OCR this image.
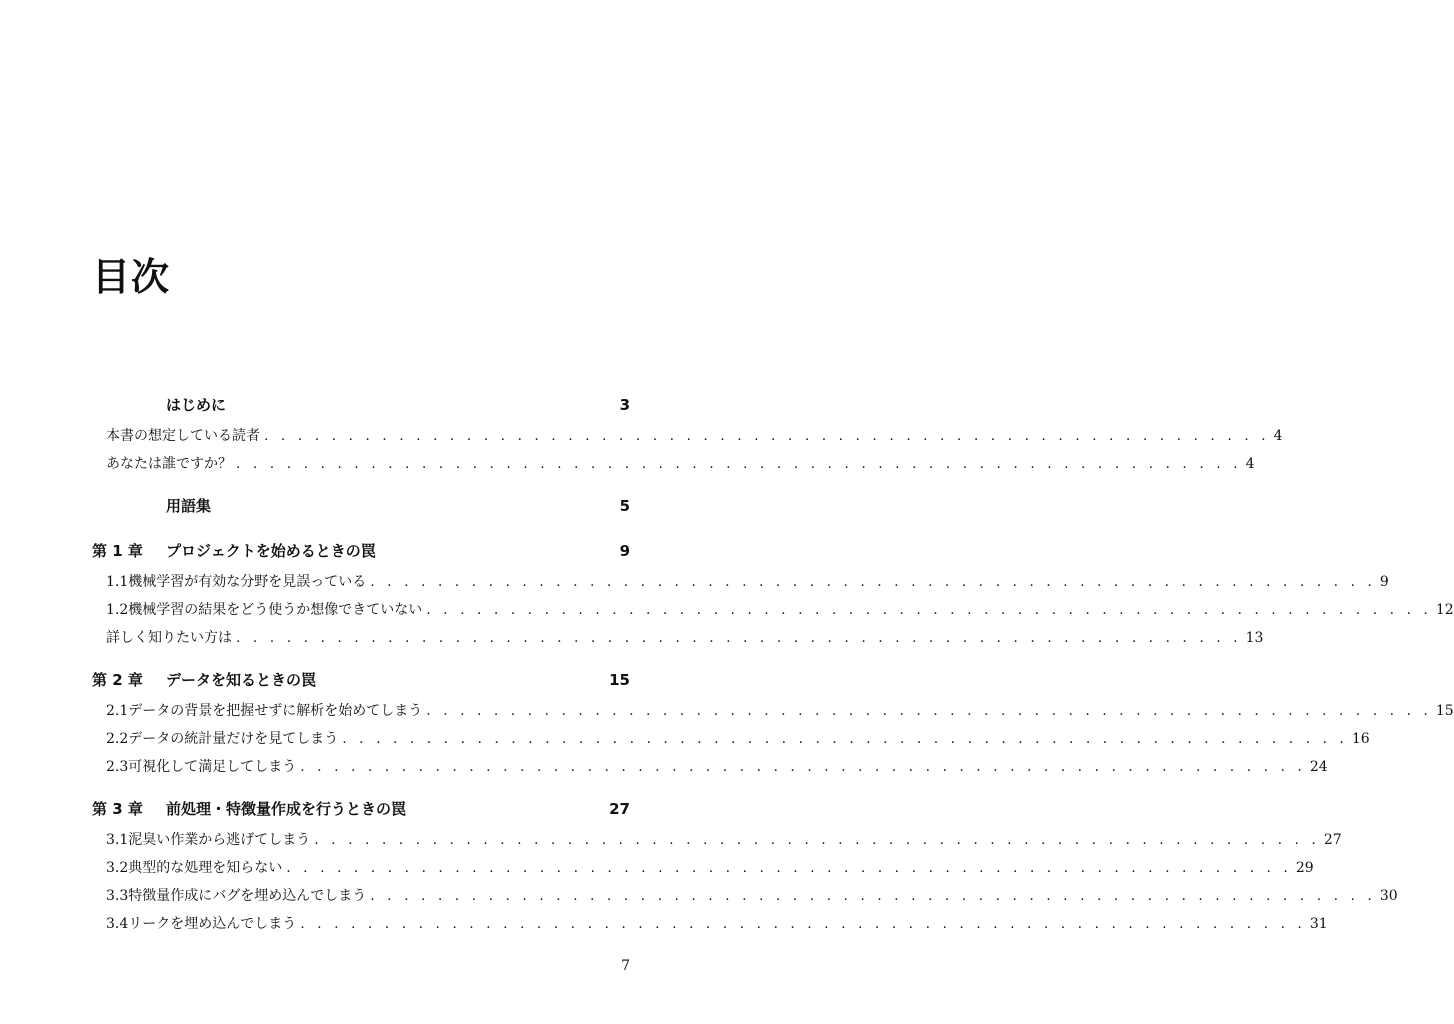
目次
はじめに	3
本書の想定している読者 . . . . . . . . . . . . . . . . . . . . . . . . . . . . . . . . . . . . . . . . . . . . . . . . . . . . . . . . . . . . 4
あなたは誰ですか？ . . . . . . . . . . . . . . . . . . . . . . . . . . . . . . . . . . . . . . . . . . . . . . . . . . . . . . . . . . . . 4
用語集	5
第 1 章	プロジェクトを始めるときの罠	9
1.1 機械学習が有効な分野を見誤っている . . . . . . . . . . . . . . . . . . . . . . . . . . . . . . . . . . . . . . . . . . . . . . . . . . . . . . . . . . . . 9
1.2 機械学習の結果をどう使うか想像できていない . . . . . . . . . . . . . . . . . . . . . . . . . . . . . . . . . . . . . . . . . . . . . . . . . . . . . . . . . . . . 12
詳しく知りたい方は . . . . . . . . . . . . . . . . . . . . . . . . . . . . . . . . . . . . . . . . . . . . . . . . . . . . . . . . . . . . 13
第 2 章	データを知るときの罠	15
2.1 データの背景を把握せずに解析を始めてしまう . . . . . . . . . . . . . . . . . . . . . . . . . . . . . . . . . . . . . . . . . . . . . . . . . . . . . . . . . . . . 15
2.2 データの統計量だけを見てしまう . . . . . . . . . . . . . . . . . . . . . . . . . . . . . . . . . . . . . . . . . . . . . . . . . . . . . . . . . . . . 16
2.3 可視化して満足してしまう . . . . . . . . . . . . . . . . . . . . . . . . . . . . . . . . . . . . . . . . . . . . . . . . . . . . . . . . . . . . 24
第 3 章	前処理・特徴量作成を行うときの罠	27
3.1 泥臭い作業から逃げてしまう . . . . . . . . . . . . . . . . . . . . . . . . . . . . . . . . . . . . . . . . . . . . . . . . . . . . . . . . . . . . 27
3.2 典型的な処理を知らない . . . . . . . . . . . . . . . . . . . . . . . . . . . . . . . . . . . . . . . . . . . . . . . . . . . . . . . . . . . . 29
3.3 特徴量作成にバグを埋め込んでしまう . . . . . . . . . . . . . . . . . . . . . . . . . . . . . . . . . . . . . . . . . . . . . . . . . . . . . . . . . . . . 30
3.4 リークを埋め込んでしまう . . . . . . . . . . . . . . . . . . . . . . . . . . . . . . . . . . . . . . . . . . . . . . . . . . . . . . . . . . . . 31
7
